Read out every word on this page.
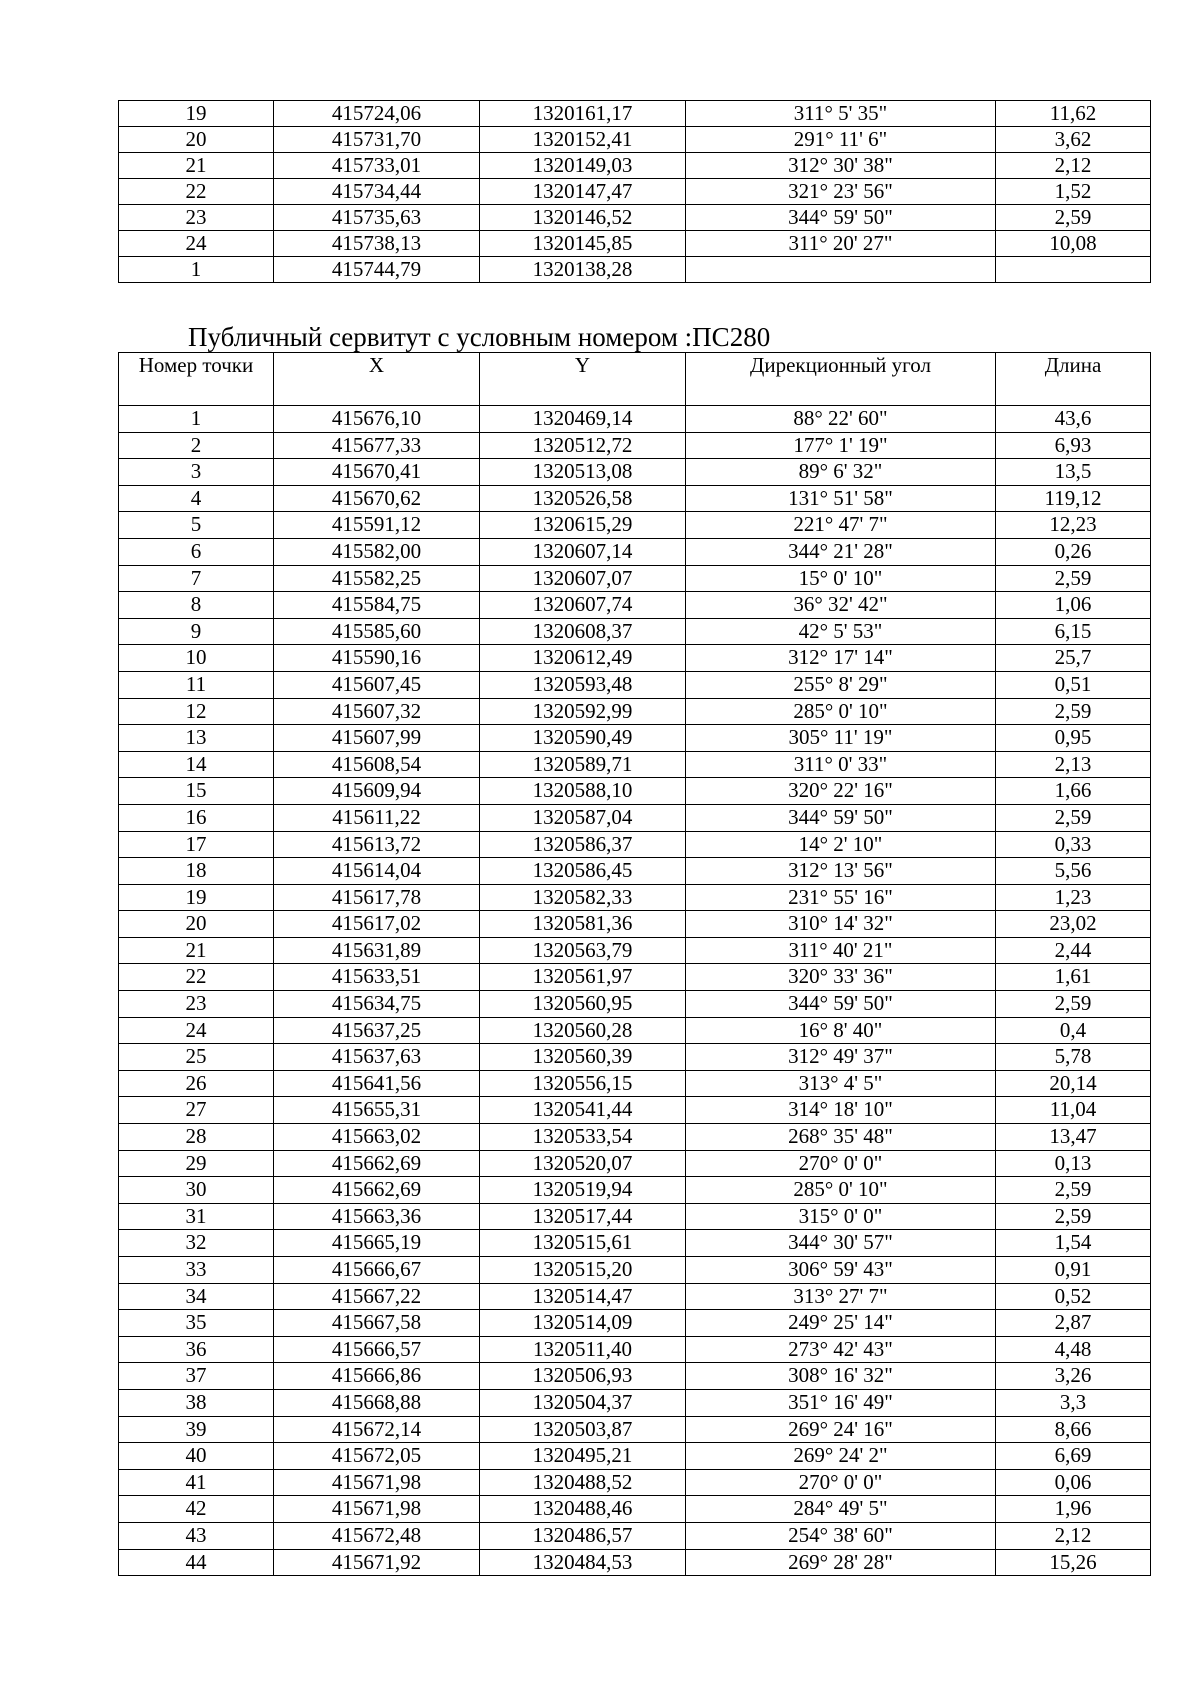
19	415724,06	1320161,17	311° 5' 35"	11,62
20	415731,70	1320152,41	291° 11' 6"	3,62
21	415733,01	1320149,03	312° 30' 38"	2,12
22	415734,44	1320147,47	321° 23' 56"	1,52
23	415735,63	1320146,52	344° 59' 50"	2,59
24	415738,13	1320145,85	311° 20' 27"	10,08
1	415744,79	1320138,28		
Публичный сервитут с условным номером :ПС280
Номер точки	X	Y	Дирекционный угол	Длина
1	415676,10	1320469,14	88° 22' 60"	43,6
2	415677,33	1320512,72	177° 1' 19"	6,93
3	415670,41	1320513,08	89° 6' 32"	13,5
4	415670,62	1320526,58	131° 51' 58"	119,12
5	415591,12	1320615,29	221° 47' 7"	12,23
6	415582,00	1320607,14	344° 21' 28"	0,26
7	415582,25	1320607,07	15° 0' 10"	2,59
8	415584,75	1320607,74	36° 32' 42"	1,06
9	415585,60	1320608,37	42° 5' 53"	6,15
10	415590,16	1320612,49	312° 17' 14"	25,7
11	415607,45	1320593,48	255° 8' 29"	0,51
12	415607,32	1320592,99	285° 0' 10"	2,59
13	415607,99	1320590,49	305° 11' 19"	0,95
14	415608,54	1320589,71	311° 0' 33"	2,13
15	415609,94	1320588,10	320° 22' 16"	1,66
16	415611,22	1320587,04	344° 59' 50"	2,59
17	415613,72	1320586,37	14° 2' 10"	0,33
18	415614,04	1320586,45	312° 13' 56"	5,56
19	415617,78	1320582,33	231° 55' 16"	1,23
20	415617,02	1320581,36	310° 14' 32"	23,02
21	415631,89	1320563,79	311° 40' 21"	2,44
22	415633,51	1320561,97	320° 33' 36"	1,61
23	415634,75	1320560,95	344° 59' 50"	2,59
24	415637,25	1320560,28	16° 8' 40"	0,4
25	415637,63	1320560,39	312° 49' 37"	5,78
26	415641,56	1320556,15	313° 4' 5"	20,14
27	415655,31	1320541,44	314° 18' 10"	11,04
28	415663,02	1320533,54	268° 35' 48"	13,47
29	415662,69	1320520,07	270° 0' 0"	0,13
30	415662,69	1320519,94	285° 0' 10"	2,59
31	415663,36	1320517,44	315° 0' 0"	2,59
32	415665,19	1320515,61	344° 30' 57"	1,54
33	415666,67	1320515,20	306° 59' 43"	0,91
34	415667,22	1320514,47	313° 27' 7"	0,52
35	415667,58	1320514,09	249° 25' 14"	2,87
36	415666,57	1320511,40	273° 42' 43"	4,48
37	415666,86	1320506,93	308° 16' 32"	3,26
38	415668,88	1320504,37	351° 16' 49"	3,3
39	415672,14	1320503,87	269° 24' 16"	8,66
40	415672,05	1320495,21	269° 24' 2"	6,69
41	415671,98	1320488,52	270° 0' 0"	0,06
42	415671,98	1320488,46	284° 49' 5"	1,96
43	415672,48	1320486,57	254° 38' 60"	2,12
44	415671,92	1320484,53	269° 28' 28"	15,26
